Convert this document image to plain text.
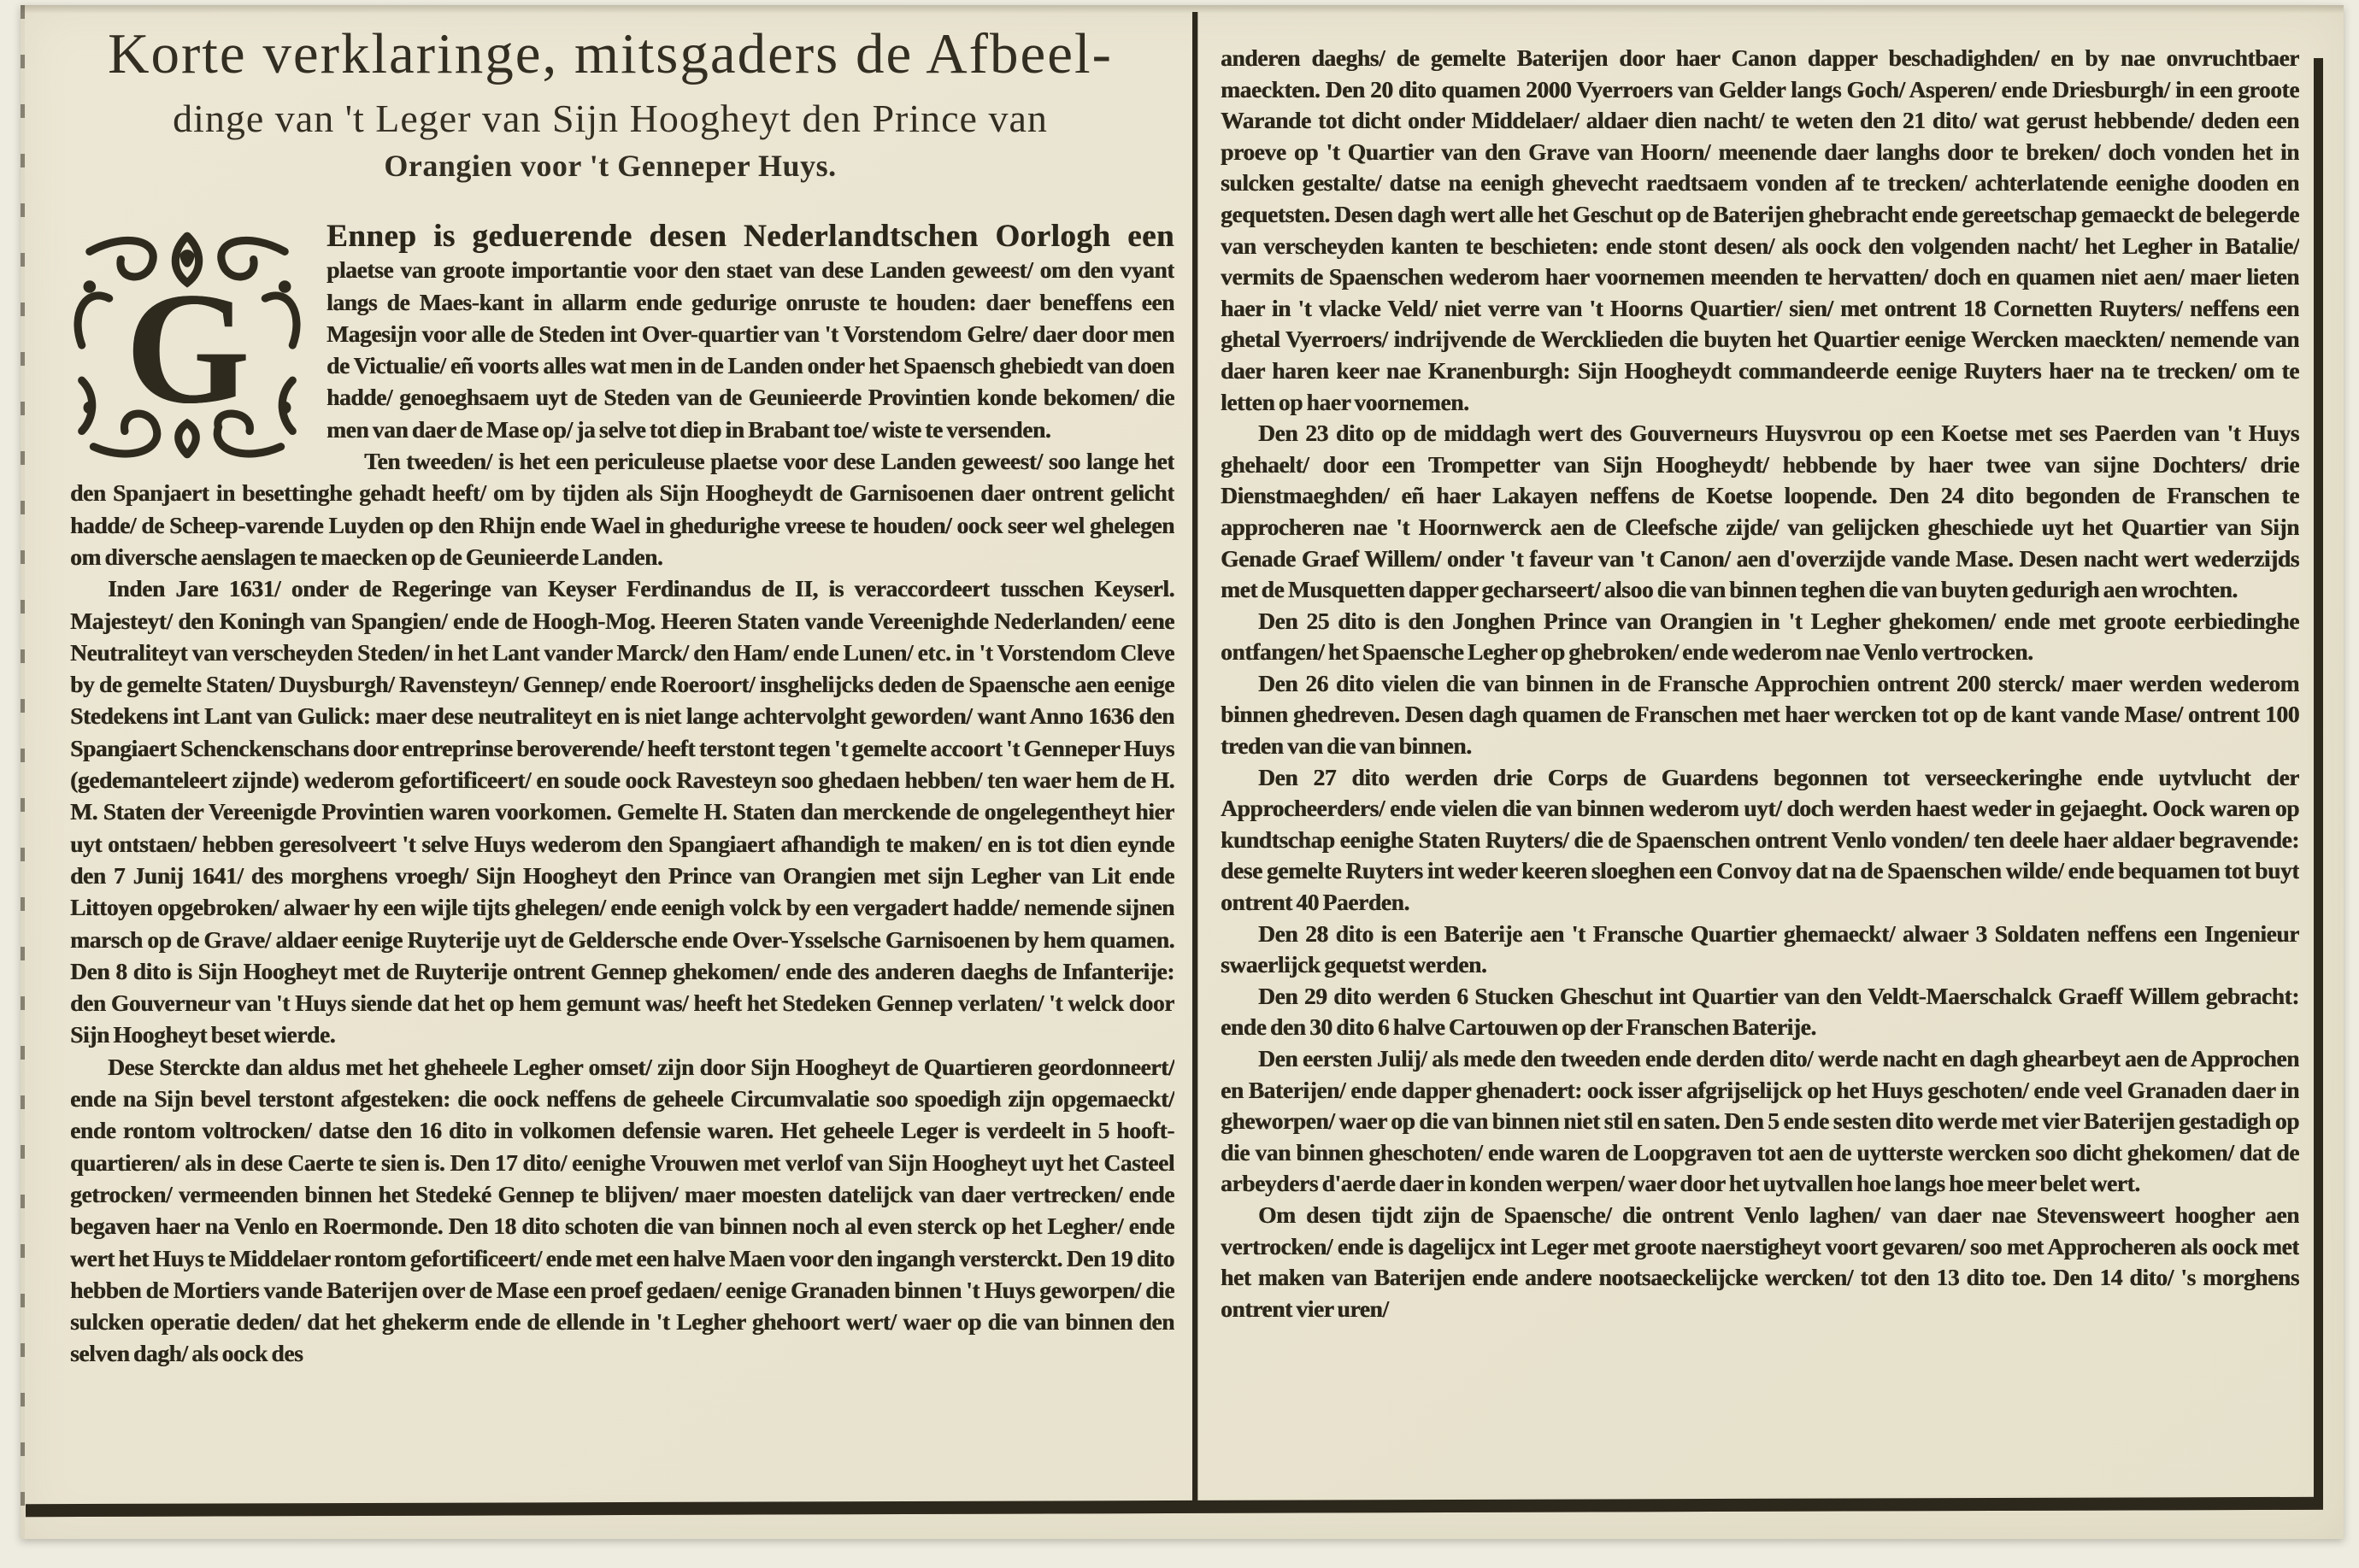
Korte verklaringe, mitsgaders de Afbeel-
dinge van 't Leger van Sijn Hoogheyt den Prince van
Orangien voor 't Genneper Huys.

G
Ennep is geduerende desen Nederlandtschen Oorlogh een plaetse van groote importantie voor den staet van dese Landen geweest/ om den vyant langs de Maes-kant in allarm ende gedurige onruste te houden: daer beneffens een Magesijn voor alle de Steden int Over-quartier van 't Vorstendom Gelre/ daer door men de Victualie/ eñ voorts alles wat men in de Landen onder het Spaensch ghebiedt van doen hadde/ genoeghsaem uyt de Steden van de Geunieerde Provintien konde bekomen/ die men van daer de Mase op/ ja selve tot diep in Brabant toe/ wiste te versenden.

Ten tweeden/ is het een periculeuse plaetse voor dese Landen geweest/ soo lange het den Spanjaert in besettinghe gehadt heeft/ om by tijden als Sijn Hoogheydt de Garnisoenen daer ontrent gelicht hadde/ de Scheep-varende Luyden op den Rhijn ende Wael in ghedurighe vreese te houden/ oock seer wel ghelegen om diversche aenslagen te maecken op de Geunieerde Landen.

Inden Jare 1631/ onder de Regeringe van Keyser Ferdinandus de II, is veraccordeert tusschen Keyserl. Majesteyt/ den Koningh van Spangien/ ende de Hoogh-Mog. Heeren Staten vande Vereenighde Nederlanden/ eene Neutraliteyt van verscheyden Steden/ in het Lant vander Marck/ den Ham/ ende Lunen/ etc. in 't Vorstendom Cleve by de gemelte Staten/ Duysburgh/ Ravensteyn/ Gennep/ ende Roeroort/ insghelijcks deden de Spaensche aen eenige Stedekens int Lant van Gulick: maer dese neutraliteyt en is niet lange achtervolght geworden/ want Anno 1636 den Spangiaert Schenckenschans door entreprinse beroverende/ heeft terstont tegen 't gemelte accoort 't Genneper Huys (gedemanteleert zijnde) wederom gefortificeert/ en soude oock Ravesteyn soo ghedaen hebben/ ten waer hem de H. M. Staten der Vereenigde Provintien waren voorkomen. Gemelte H. Staten dan merckende de ongelegentheyt hier uyt ontstaen/ hebben geresolveert 't selve Huys wederom den Spangiaert afhandigh te maken/ en is tot dien eynde den 7 Junij 1641/ des morghens vroegh/ Sijn Hoogheyt den Prince van Orangien met sijn Legher van Lit ende Littoyen opgebroken/ alwaer hy een wijle tijts ghelegen/ ende eenigh volck by een vergadert hadde/ nemende sijnen marsch op de Grave/ aldaer eenige Ruyterije uyt de Geldersche ende Over-Ysselsche Garnisoenen by hem quamen. Den 8 dito is Sijn Hoogheyt met de Ruyterije ontrent Gennep ghekomen/ ende des anderen daeghs de Infanterije: den Gouverneur van 't Huys siende dat het op hem gemunt was/ heeft het Stedeken Gennep verlaten/ 't welck door Sijn Hoogheyt beset wierde.

Dese Sterckte dan aldus met het gheheele Legher omset/ zijn door Sijn Hoogheyt de Quartieren geordonneert/ ende na Sijn bevel terstont afgesteken: die oock neffens de geheele Circumvalatie soo spoedigh zijn opgemaeckt/ ende rontom voltrocken/ datse den 16 dito in volkomen defensie waren. Het geheele Leger is verdeelt in 5 hooft-quartieren/ als in dese Caerte te sien is. Den 17 dito/ eenighe Vrouwen met verlof van Sijn Hoogheyt uyt het Casteel getrocken/ vermeenden binnen het Stedeké Gennep te blijven/ maer moesten datelijck van daer vertrecken/ ende begaven haer na Venlo en Roermonde. Den 18 dito schoten die van binnen noch al even sterck op het Legher/ ende wert het Huys te Middelaer rontom gefortificeert/ ende met een halve Maen voor den ingangh versterckt. Den 19 dito hebben de Mortiers vande Baterijen over de Mase een proef gedaen/ eenige Granaden binnen 't Huys geworpen/ die sulcken operatie deden/ dat het ghekerm ende de ellende in 't Legher ghehoort wert/ waer op die van binnen den selven dagh/ als oock des

anderen daeghs/ de gemelte Baterijen door haer Canon dapper beschadighden/ en by nae onvruchtbaer maeckten. Den 20 dito quamen 2000 Vyerroers van Gelder langs Goch/ Asperen/ ende Driesburgh/ in een groote Warande tot dicht onder Middelaer/ aldaer dien nacht/ te weten den 21 dito/ wat gerust hebbende/ deden een proeve op 't Quartier van den Grave van Hoorn/ meenende daer langhs door te breken/ doch vonden het in sulcken gestalte/ datse na eenigh ghevecht raedtsaem vonden af te trecken/ achterlatende eenighe dooden en gequetsten. Desen dagh wert alle het Geschut op de Baterijen ghebracht ende gereetschap gemaeckt de belegerde van verscheyden kanten te beschieten: ende stont desen/ als oock den volgenden nacht/ het Legher in Batalie/ vermits de Spaenschen wederom haer voornemen meenden te hervatten/ doch en quamen niet aen/ maer lieten haer in 't vlacke Veld/ niet verre van 't Hoorns Quartier/ sien/ met ontrent 18 Cornetten Ruyters/ neffens een ghetal Vyerroers/ indrijvende de Wercklieden die buyten het Quartier eenige Wercken maeckten/ nemende van daer haren keer nae Kranenburgh: Sijn Hoogheydt commandeerde eenige Ruyters haer na te trecken/ om te letten op haer voornemen.

Den 23 dito op de middagh wert des Gouverneurs Huysvrou op een Koetse met ses Paerden van 't Huys ghehaelt/ door een Trompetter van Sijn Hoogheydt/ hebbende by haer twee van sijne Dochters/ drie Dienstmaeghden/ eñ haer Lakayen neffens de Koetse loopende. Den 24 dito begonden de Franschen te approcheren nae 't Hoornwerck aen de Cleefsche zijde/ van gelijcken gheschiede uyt het Quartier van Sijn Genade Graef Willem/ onder 't faveur van 't Canon/ aen d'overzijde vande Mase. Desen nacht wert wederzijds met de Musquetten dapper gecharseert/ alsoo die van binnen teghen die van buyten gedurigh aen wrochten.

Den 25 dito is den Jonghen Prince van Orangien in 't Legher ghekomen/ ende met groote eerbiedinghe ontfangen/ het Spaensche Legher op ghebroken/ ende wederom nae Venlo vertrocken.

Den 26 dito vielen die van binnen in de Fransche Approchien ontrent 200 sterck/ maer werden wederom binnen ghedreven. Desen dagh quamen de Franschen met haer wercken tot op de kant vande Mase/ ontrent 100 treden van die van binnen.

Den 27 dito werden drie Corps de Guardens begonnen tot verseeckeringhe ende uytvlucht der Approcheerders/ ende vielen die van binnen wederom uyt/ doch werden haest weder in gejaeght. Oock waren op kundtschap eenighe Staten Ruyters/ die de Spaenschen ontrent Venlo vonden/ ten deele haer aldaer begravende: dese gemelte Ruyters int weder keeren sloeghen een Convoy dat na de Spaenschen wilde/ ende bequamen tot buyt ontrent 40 Paerden.

Den 28 dito is een Baterije aen 't Fransche Quartier ghemaeckt/ alwaer 3 Soldaten neffens een Ingenieur swaerlijck gequetst werden.

Den 29 dito werden 6 Stucken Gheschut int Quartier van den Veldt-Maerschalck Graeff Willem gebracht: ende den 30 dito 6 halve Cartouwen op der Franschen Baterije.

Den eersten Julij/ als mede den tweeden ende derden dito/ werde nacht en dagh ghearbeyt aen de Approchen en Baterijen/ ende dapper ghenadert: oock isser afgrijselijck op het Huys geschoten/ ende veel Granaden daer in gheworpen/ waer op die van binnen niet stil en saten. Den 5 ende sesten dito werde met vier Baterijen gestadigh op die van binnen gheschoten/ ende waren de Loopgraven tot aen de uytterste wercken soo dicht ghekomen/ dat de arbeyders d'aerde daer in konden werpen/ waer door het uytvallen hoe langs hoe meer belet wert.

Om desen tijdt zijn de Spaensche/ die ontrent Venlo laghen/ van daer nae Stevensweert hoogher aen vertrocken/ ende is dagelijcx int Leger met groote naerstigheyt voort gevaren/ soo met Approcheren als oock met het maken van Baterijen ende andere nootsaeckelijcke wercken/ tot den 13 dito toe. Den 14 dito/ 's morghens ontrent vier uren/
